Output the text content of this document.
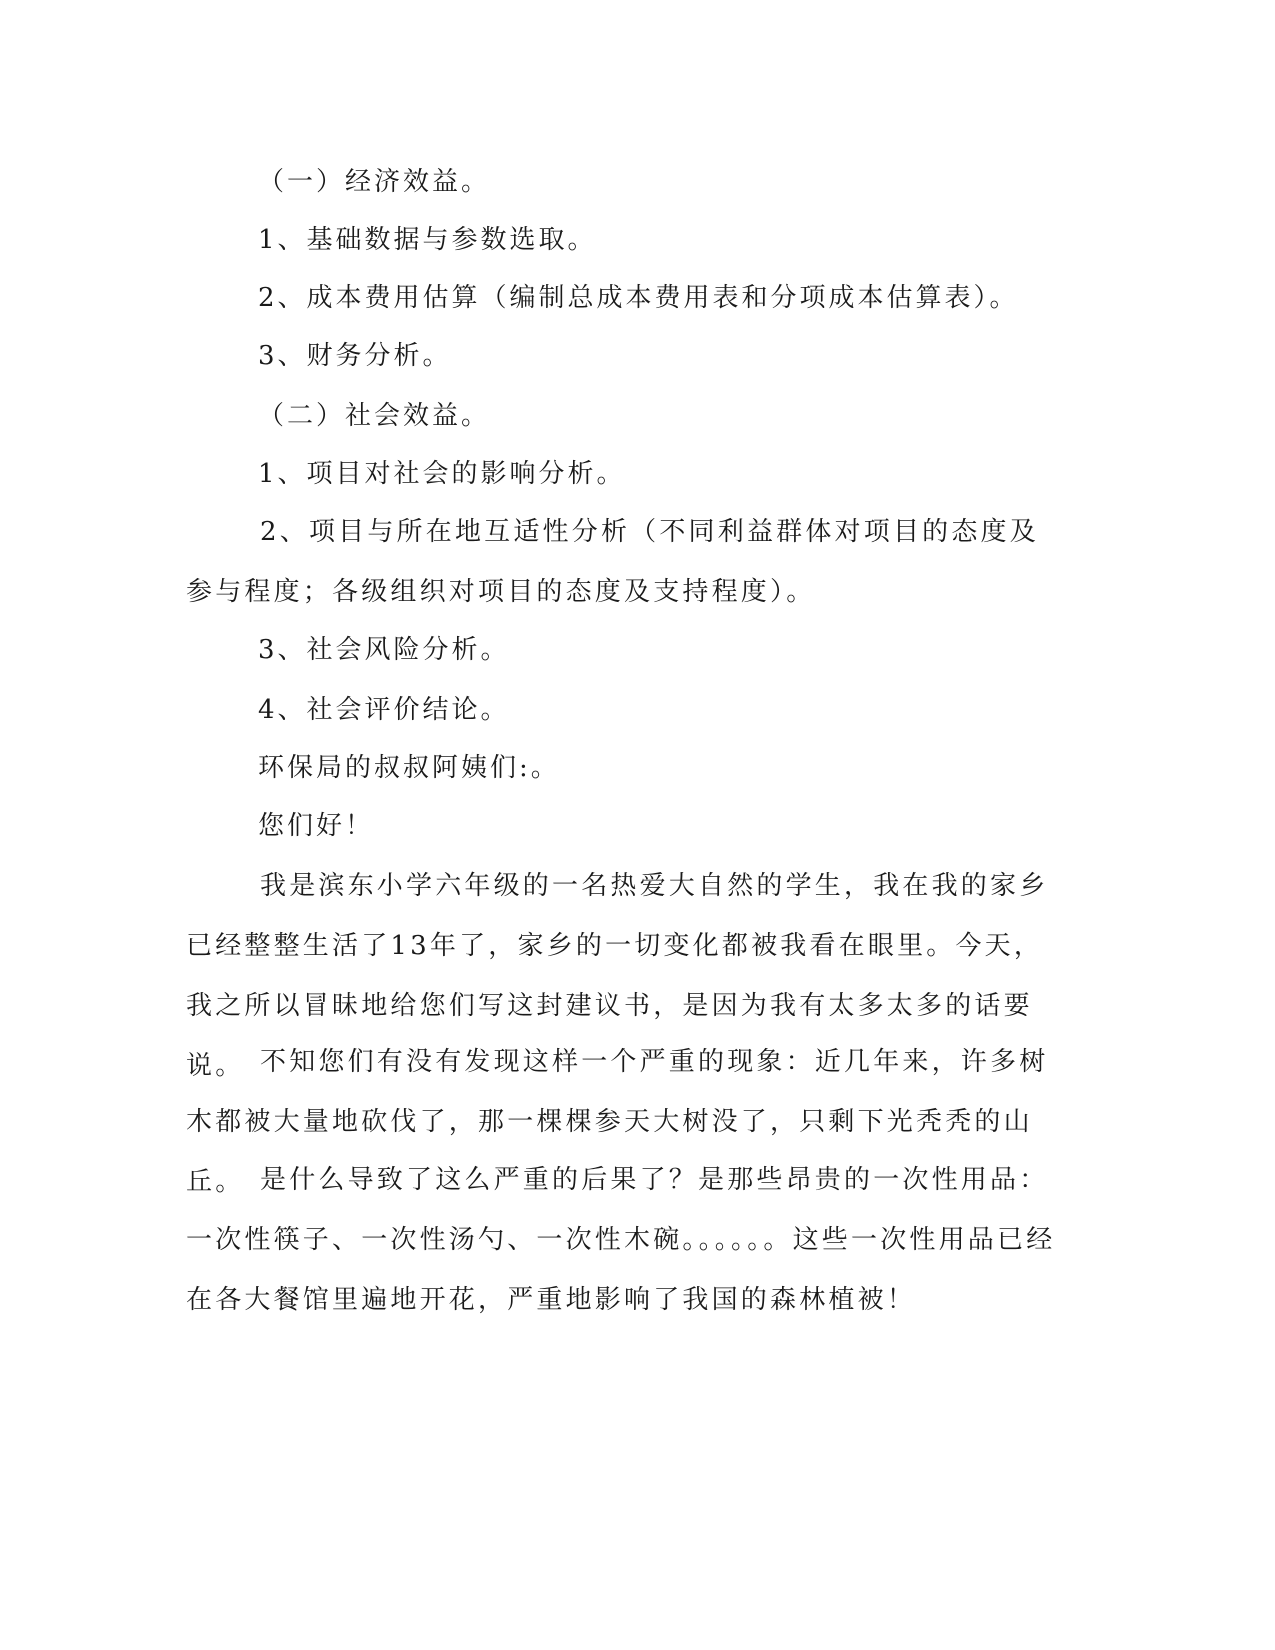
（一）经济效益。

1、基础数据与参数选取。

2、成本费用估算（编制总成本费用表和分项成本估算表）。

3、财务分析。

（二）社会效益。

1、项目对社会的影响分析。

2、项目与所在地互适性分析（不同利益群体对项目的态度及参与程度；各级组织对项目的态度及支持程度）。

3、社会风险分析。

4、社会评价结论。

环保局的叔叔阿姨们:。

您们好！

我是滨东小学六年级的一名热爱大自然的学生，我在我的家乡已经整整生活了13年了，家乡的一切变化都被我看在眼里。今天，我之所以冒昧地给您们写这封建议书，是因为我有太多太多的话要说。 不知您们有没有发现这样一个严重的现象：近几年来，许多树木都被大量地砍伐了，那一棵棵参天大树没了，只剩下光秃秃的山丘。 是什么导致了这么严重的后果了？是那些昂贵的一次性用品：一次性筷子、一次性汤勺、一次性木碗。。。。。。这些一次性用品已经在各大餐馆里遍地开花，严重地影响了我国的森林植被！
